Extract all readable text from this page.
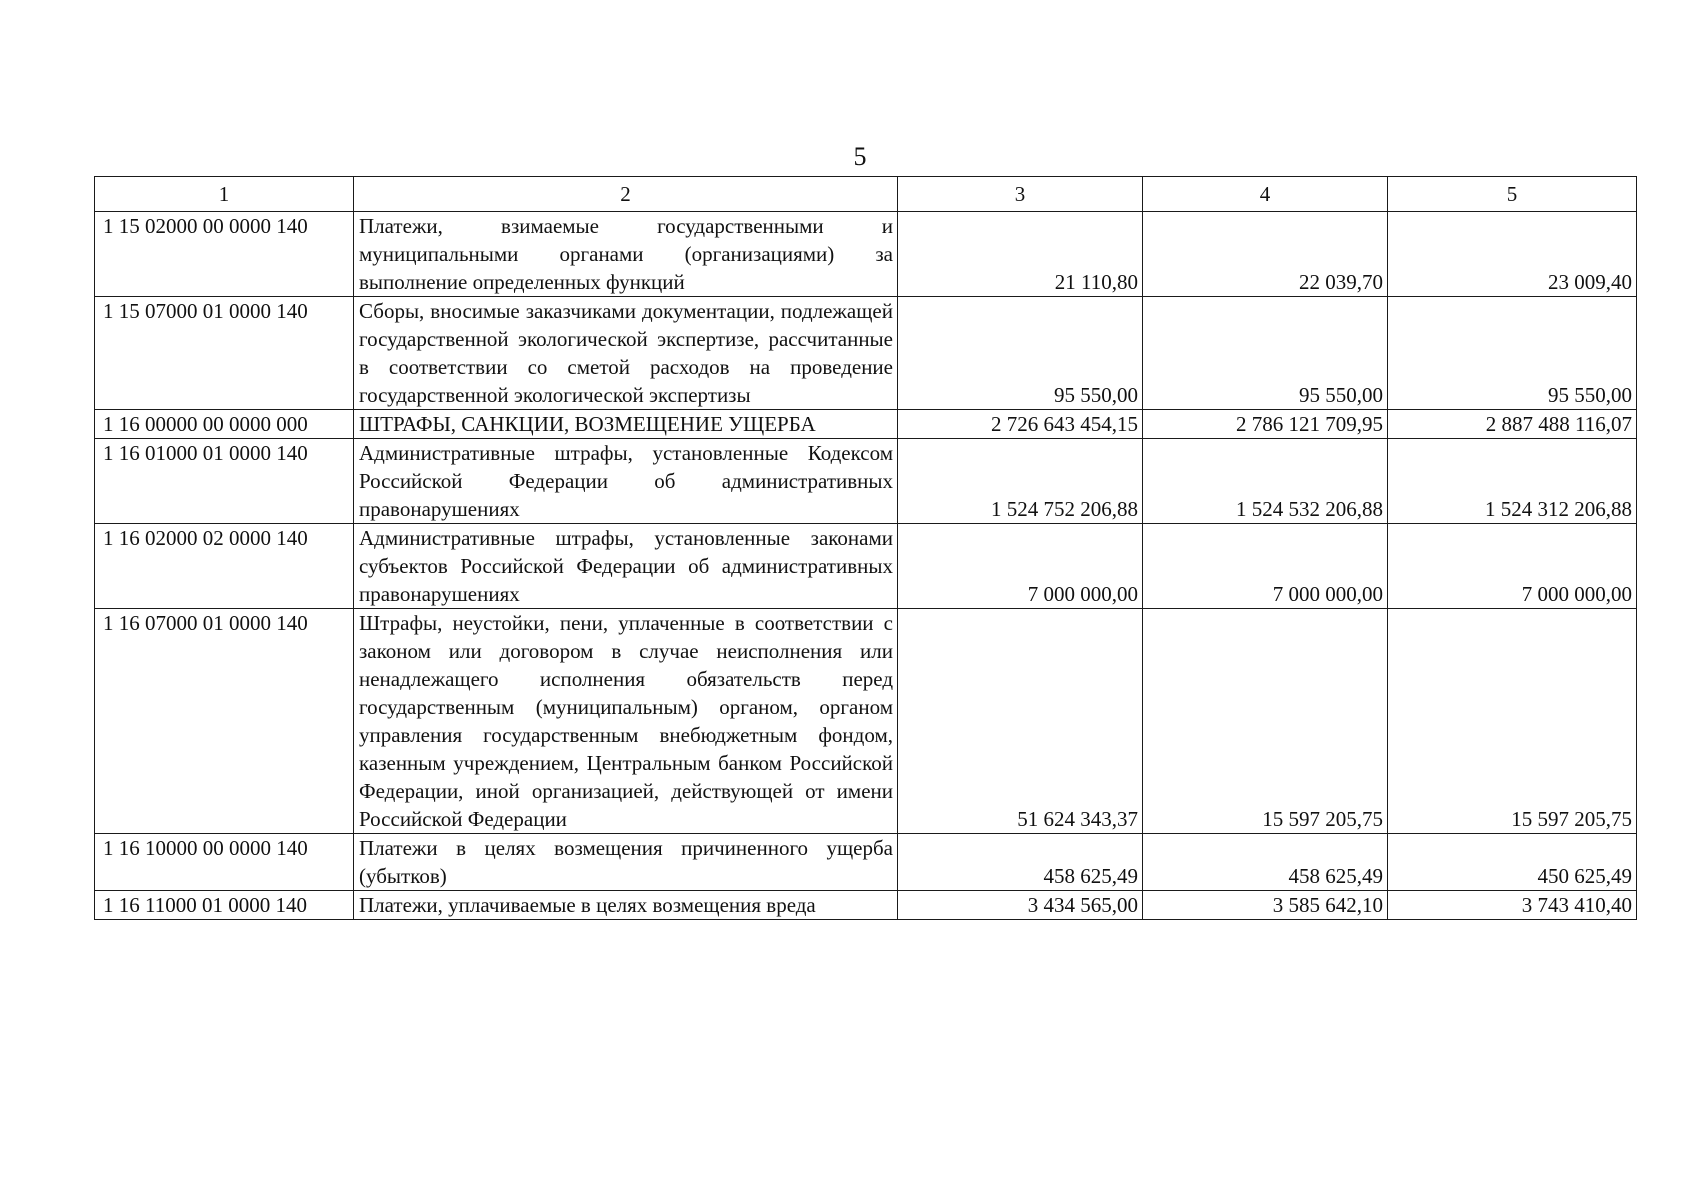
5
1	2	3	4	5
1 15 02000 00 0000 140	Платежи, взимаемые государственными и муниципальными органами (организациями) за выполнение определенных функций	21 110,80	22 039,70	23 009,40
1 15 07000 01 0000 140	Сборы, вносимые заказчиками документации, подлежащей государственной экологической экспертизе, рассчитанные в соответствии со сметой расходов на проведение государственной экологической экспертизы	95 550,00	95 550,00	95 550,00
1 16 00000 00 0000 000	ШТРАФЫ, САНКЦИИ, ВОЗМЕЩЕНИЕ УЩЕРБА	2 726 643 454,15	2 786 121 709,95	2 887 488 116,07
1 16 01000 01 0000 140	Административные штрафы, установленные Кодексом Российской Федерации об административных правонарушениях	1 524 752 206,88	1 524 532 206,88	1 524 312 206,88
1 16 02000 02 0000 140	Административные штрафы, установленные законами субъектов Российской Федерации об административных правонарушениях	7 000 000,00	7 000 000,00	7 000 000,00
1 16 07000 01 0000 140	Штрафы, неустойки, пени, уплаченные в соответствии с законом или договором в случае неисполнения или ненадлежащего исполнения обязательств перед государственным (муниципальным) органом, органом управления государственным внебюджетным фондом, казенным учреждением, Центральным банком Российской Федерации, иной организацией, действующей от имени Российской Федерации	51 624 343,37	15 597 205,75	15 597 205,75
1 16 10000 00 0000 140	Платежи в целях возмещения причиненного ущерба (убытков)	458 625,49	458 625,49	450 625,49
1 16 11000 01 0000 140	Платежи, уплачиваемые в целях возмещения вреда	3 434 565,00	3 585 642,10	3 743 410,40
